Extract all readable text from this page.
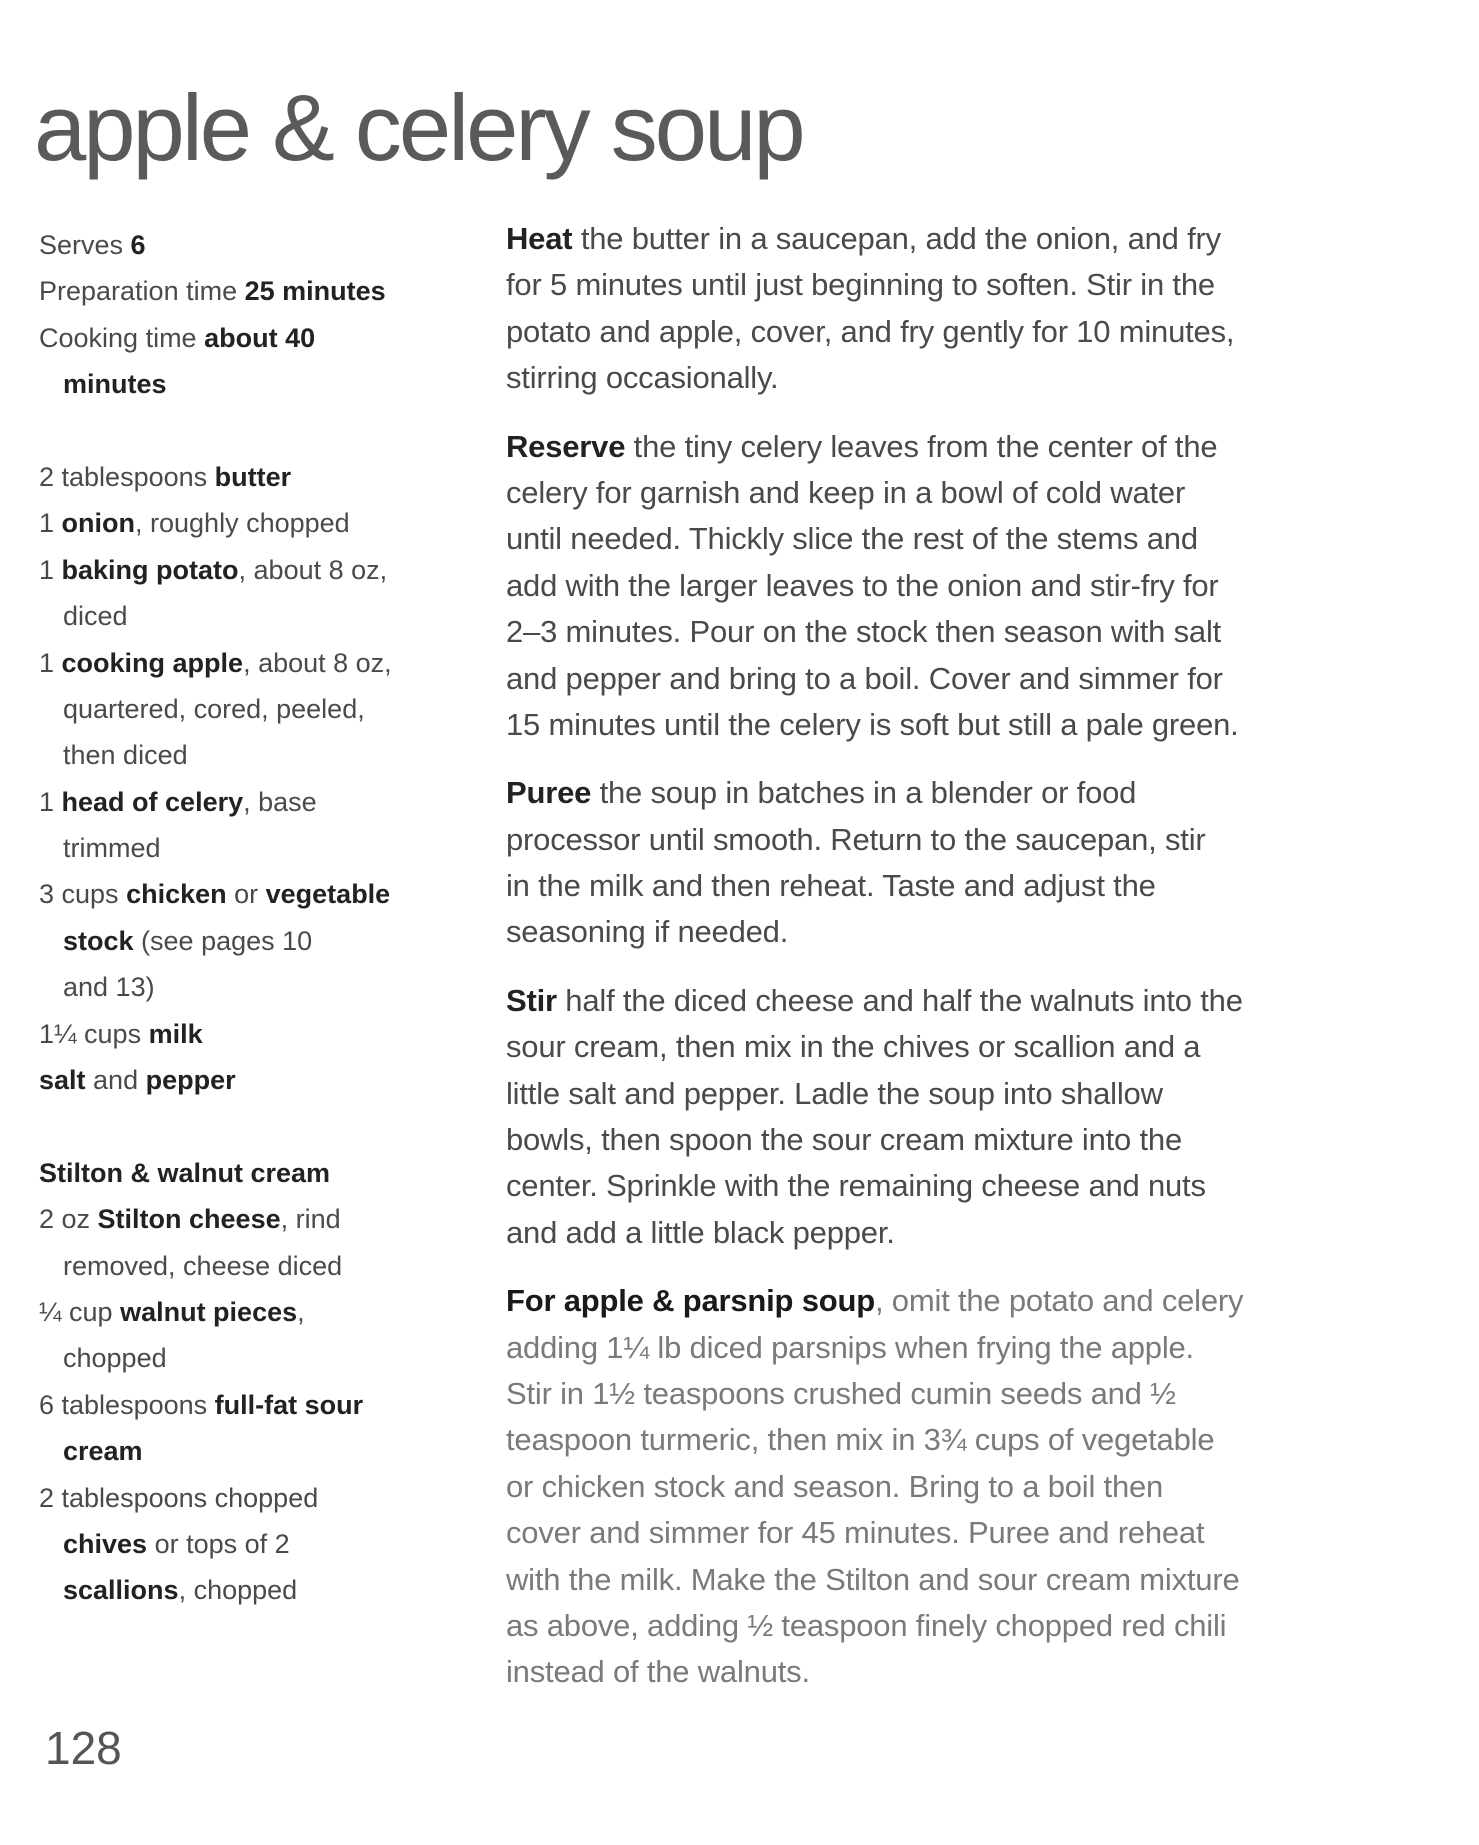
apple & celery soup
Serves 6
Preparation time 25 minutes
Cooking time about 40
minutes
2 tablespoons butter
1 onion, roughly chopped
1 baking potato, about 8 oz,
diced
1 cooking apple, about 8 oz,
quartered, cored, peeled,
then diced
1 head of celery, base
trimmed
3 cups chicken or vegetable
stock (see pages 10
and 13)
1¼ cups milk
salt and pepper
Stilton & walnut cream
2 oz Stilton cheese, rind
removed, cheese diced
¼ cup walnut pieces,
chopped
6 tablespoons full-fat sour
cream
2 tablespoons chopped
chives or tops of 2
scallions, chopped
Heat the butter in a saucepan, add the onion, and fry
for 5 minutes until just beginning to soften. Stir in the
potato and apple, cover, and fry gently for 10 minutes,
stirring occasionally.
Reserve the tiny celery leaves from the center of the
celery for garnish and keep in a bowl of cold water
until needed. Thickly slice the rest of the stems and
add with the larger leaves to the onion and stir-fry for
2–3 minutes. Pour on the stock then season with salt
and pepper and bring to a boil. Cover and simmer for
15 minutes until the celery is soft but still a pale green.
Puree the soup in batches in a blender or food
processor until smooth. Return to the saucepan, stir
in the milk and then reheat. Taste and adjust the
seasoning if needed.
Stir half the diced cheese and half the walnuts into the
sour cream, then mix in the chives or scallion and a
little salt and pepper. Ladle the soup into shallow
bowls, then spoon the sour cream mixture into the
center. Sprinkle with the remaining cheese and nuts
and add a little black pepper.
For apple & parsnip soup, omit the potato and celery
adding 1¼ lb diced parsnips when frying the apple.
Stir in 1½ teaspoons crushed cumin seeds and ½
teaspoon turmeric, then mix in 3¾ cups of vegetable
or chicken stock and season. Bring to a boil then
cover and simmer for 45 minutes. Puree and reheat
with the milk. Make the Stilton and sour cream mixture
as above, adding ½ teaspoon finely chopped red chili
instead of the walnuts.
128
